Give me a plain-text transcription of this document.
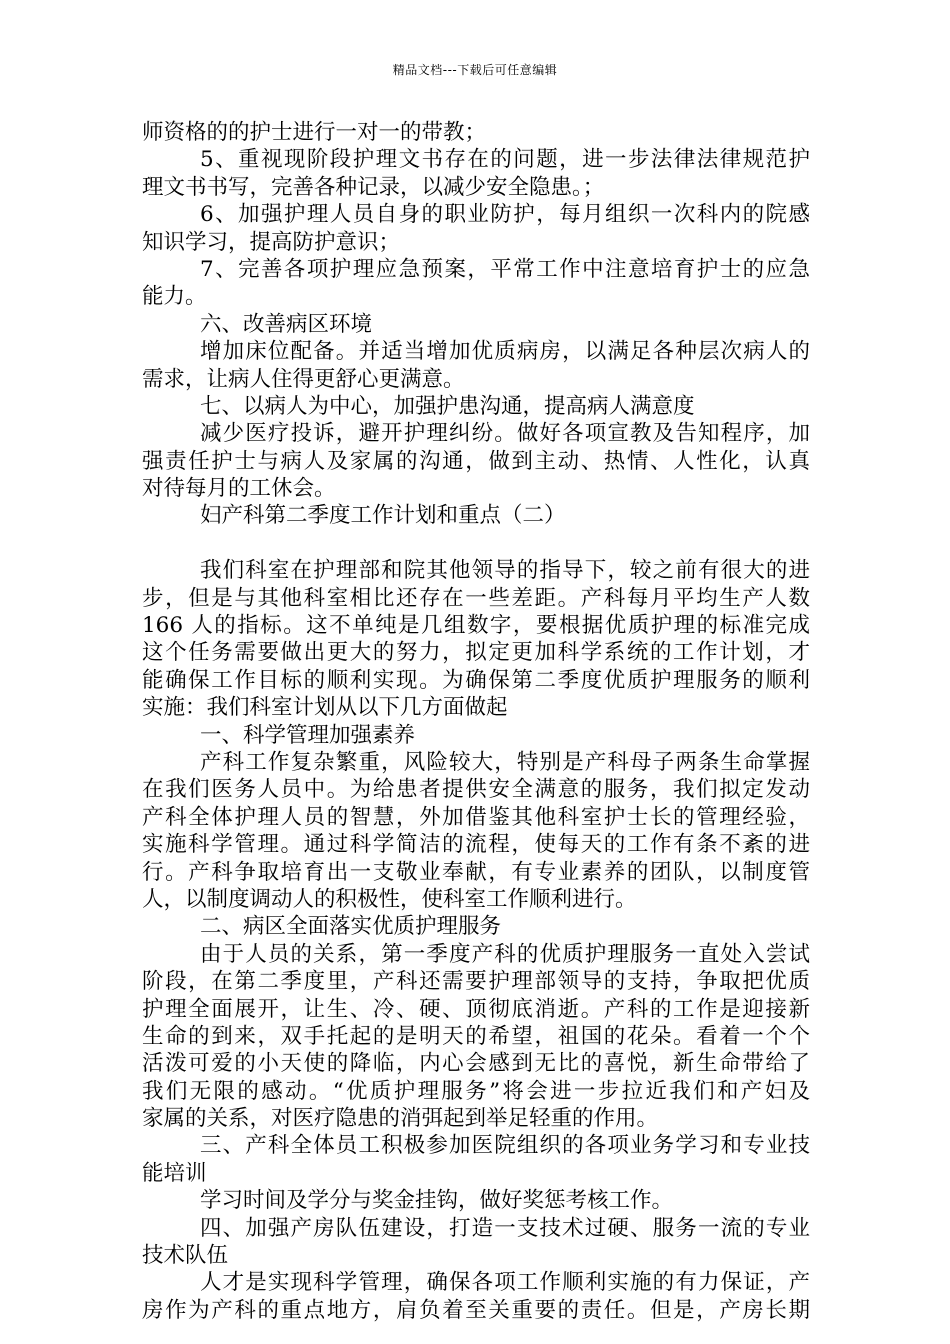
精品文档---下载后可任意编辑
师资格的的护士进行一对一的带教；
5、重视现阶段护理文书存在的问题，进一步法律法律规范护
理文书书写，完善各种记录，以减少安全隐患。；
6、加强护理人员自身的职业防护，每月组织一次科内的院感
知识学习，提高防护意识；
7、完善各项护理应急预案，平常工作中注意培育护士的应急
能力。
六、改善病区环境
增加床位配备。并适当增加优质病房，以满足各种层次病人的
需求，让病人住得更舒心更满意。
七、以病人为中心，加强护患沟通，提高病人满意度
减少医疗投诉，避开护理纠纷。做好各项宣教及告知程序，加
强责任护士与病人及家属的沟通，做到主动、热情、人性化，认真
对待每月的工休会。
妇产科第二季度工作计划和重点（二）
我们科室在护理部和院其他领导的指导下，较之前有很大的进
步，但是与其他科室相比还存在一些差距。产科每月平均生产人数
166 人的指标。这不单纯是几组数字，要根据优质护理的标准完成
这个任务需要做出更大的努力，拟定更加科学系统的工作计划，才
能确保工作目标的顺利实现。为确保第二季度优质护理服务的顺利
实施：我们科室计划从以下几方面做起
一、科学管理加强素养
产科工作复杂繁重，风险较大，特别是产科母子两条生命掌握
在我们医务人员中。为给患者提供安全满意的服务，我们拟定发动
产科全体护理人员的智慧，外加借鉴其他科室护士长的管理经验，
实施科学管理。通过科学简洁的流程，使每天的工作有条不紊的进
行。产科争取培育出一支敬业奉献，有专业素养的团队，以制度管
人，以制度调动人的积极性，使科室工作顺利进行。
二、病区全面落实优质护理服务
由于人员的关系，第一季度产科的优质护理服务一直处入尝试
阶段，在第二季度里，产科还需要护理部领导的支持，争取把优质
护理全面展开，让生、冷、硬、顶彻底消逝。产科的工作是迎接新
生命的到来，双手托起的是明天的希望，祖国的花朵。看着一个个
活泼可爱的小天使的降临，内心会感到无比的喜悦，新生命带给了
我们无限的感动。“优质护理服务”将会进一步拉近我们和产妇及
家属的关系，对医疗隐患的消弭起到举足轻重的作用。
三、产科全体员工积极参加医院组织的各项业务学习和专业技
能培训
学习时间及学分与奖金挂钩，做好奖惩考核工作。
四、加强产房队伍建设，打造一支技术过硬、服务一流的专业
技术队伍
人才是实现科学管理，确保各项工作顺利实施的有力保证，产
房作为产科的重点地方，肩负着至关重要的责任。但是，产房长期
